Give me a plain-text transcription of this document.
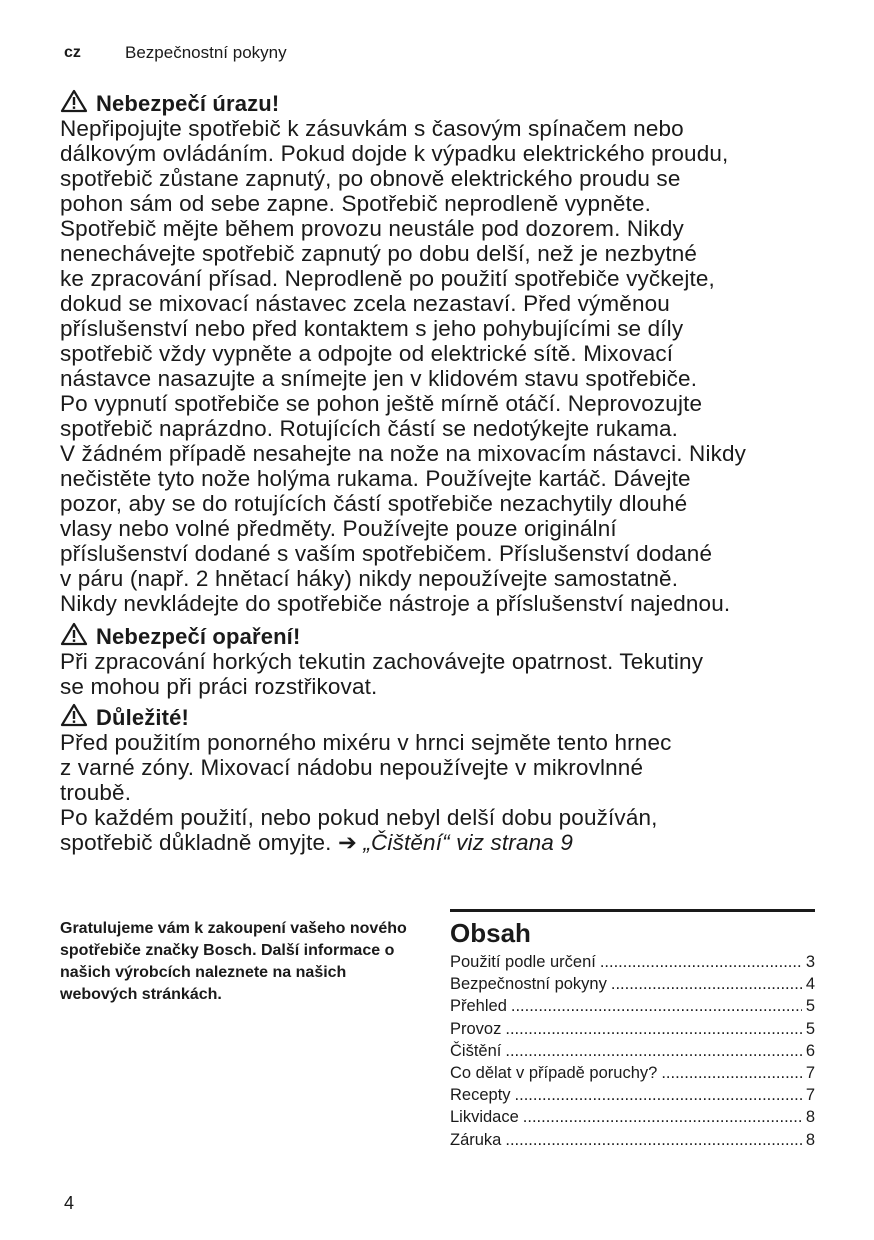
cz	Bezpečnostní pokyny
Nebezpečí úrazu!
Nepřipojujte spotřebič k zásuvkám s časovým spínačem nebo
dálkovým ovládáním. Pokud dojde k výpadku elektrického proudu,
spotřebič zůstane zapnutý, po obnově elektrického proudu se
pohon sám od sebe zapne. Spotřebič neprodleně vypněte.
Spotřebič mějte během provozu neustále pod dozorem. Nikdy
nenechávejte spotřebič zapnutý po dobu delší, než je nezbytné
ke zpracování přísad. Neprodleně po použití spotřebiče vyčkejte,
dokud se mixovací nástavec zcela nezastaví. Před výměnou
příslušenství nebo před kontaktem s jeho pohybujícími se díly
spotřebič vždy vypněte a odpojte od elektrické sítě. Mixovací
nástavce nasazujte a snímejte jen v klidovém stavu spotřebiče.
Po vypnutí spotřebiče se pohon ještě mírně otáčí. Neprovozujte
spotřebič naprázdno. Rotujících částí se nedotýkejte rukama.
V žádném případě nesahejte na nože na mixovacím nástavci. Nikdy
nečistěte tyto nože holýma rukama. Používejte kartáč. Dávejte
pozor, aby se do rotujících částí spotřebiče nezachytily dlouhé
vlasy nebo volné předměty. Používejte pouze originální
příslušenství dodané s vaším spotřebičem. Příslušenství dodané
v páru (např. 2 hnětací háky) nikdy nepoužívejte samostatně.
Nikdy nevkládejte do spotřebiče nástroje a příslušenství najednou.
Nebezpečí opaření!
Při zpracování horkých tekutin zachovávejte opatrnost. Tekutiny
se mohou při práci rozstřikovat.
Důležité!
Před použitím ponorného mixéru v hrnci sejměte tento hrnec
z varné zóny. Mixovací nádobu nepoužívejte v mikrovlnné
troubě.
Po každém použití, nebo pokud nebyl delší dobu používán,
spotřebič důkladně omyjte. ➔ „Čištění“ viz strana 9
Gratulujeme vám k zakoupení vašeho nového spotřebiče značky Bosch. Další informace o našich výrobcích naleznete na našich webových stránkách.
Obsah
Použití podle určení .....	3
Bezpečnostní pokyny .....	4
Přehled .....	5
Provoz .....	5
Čištění .....	6
Co dělat v případě poruchy? .....	7
Recepty .....	7
Likvidace .....	8
Záruka .....	8
4
